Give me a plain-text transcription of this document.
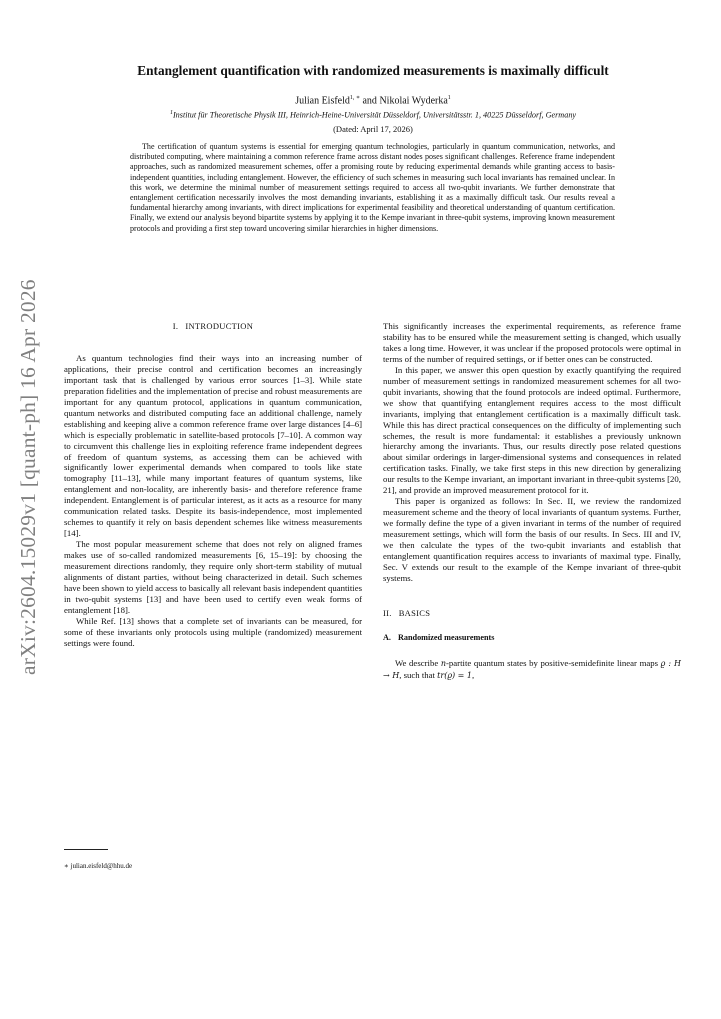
arXiv:2604.15029v1 [quant-ph] 16 Apr 2026
Entanglement quantification with randomized measurements is maximally difficult
Julian Eisfeld$^{1, ∗}$ and Nikolai Wyderka$^1$
$^1$Institut für Theoretische Physik III, Heinrich-Heine-Universität Düsseldorf, Universitätsstr. 1, 40225 Düsseldorf, Germany
(Dated: April 17, 2026)

The certification of quantum systems is essential for emerging quantum technologies, particularly in quantum communication, networks, and distributed computing, where maintaining a common reference frame across distant nodes poses significant challenges. Reference frame independent approaches, such as randomized measurement schemes, offer a promising route by reducing experimental demands while granting access to basis-independent quantities, including entanglement. However, the efficiency of such schemes in measuring such local invariants has remained unclear. In this work, we determine the minimal number of measurement settings required to access all two-qubit invariants. We further demonstrate that entanglement certification necessarily involves the most demanding invariants, establishing it as a maximally difficult task. Our results reveal a fundamental hierarchy among invariants, with direct implications for experimental feasibility and theoretical understanding of quantum certification. Finally, we extend our analysis beyond bipartite systems by applying it to the Kempe invariant in three-qubit systems, improving known measurement protocols and providing a first step toward uncovering similar hierarchies in higher dimensions.

I. INTRODUCTION

As quantum technologies find their ways into an increasing number of applications, their precise control and certification becomes an increasingly important task that is challenged by various error sources [1–3]. While state preparation fidelities and the implementation of precise and robust measurements are important for any quantum protocol, applications in quantum communication, quantum networks and distributed computing face an additional challenge, namely establishing and keeping alive a common reference frame over large distances [4–6] which is especially problematic in satellite-based protocols [7–10]. A common way to circumvent this challenge lies in exploiting reference frame independent degrees of freedom of quantum systems, as accessing them can be achieved with significantly lower experimental demands when compared to tools like state tomography [11–13], while many important features of quantum systems, like entanglement and non-locality, are inherently basis- and therefore reference frame independent. Entanglement is of particular interest, as it acts as a resource for many communication related tasks. Despite its basis-independence, most implemented schemes to quantify it rely on basis dependent schemes like witness measurements [14].

The most popular measurement scheme that does not rely on aligned frames makes use of so-called randomized measurements [6, 15–19]: by choosing the measurement directions randomly, they require only short-term stability of mutual alignments of distant parties, without being characterized in detail. Such schemes have been shown to yield access to basically all relevant basis independent quantities in two-qubit systems [13] and have been used to certify even weak forms of entanglement [18].

While Ref. [13] shows that a complete set of invariants can be measured, for some of these invariants only protocols using multiple (randomized) measurement settings were found.

∗ julian.eisfeld@hhu.de

This significantly increases the experimental requirements, as reference frame stability has to be ensured while the measurement setting is changed, which usually takes a long time. However, it was unclear if the proposed protocols were optimal in terms of the number of required settings, or if better ones can be constructed.

In this paper, we answer this open question by exactly quantifying the required number of measurement settings in randomized measurement schemes for all two-qubit invariants, showing that the found protocols are indeed optimal. Furthermore, we show that quantifying entanglement requires access to the most difficult invariants, implying that entanglement certification is a maximally difficult task. While this has direct practical consequences on the difficulty of implementing such schemes, the result is more fundamental: it establishes a previously unknown hierarchy among the invariants. Thus, our results directly pose related questions about similar orderings in larger-dimensional systems and consequences in related certification tasks. Finally, we take first steps in this new direction by generalizing our results to the Kempe invariant, an important invariant in three-qubit systems [20, 21], and provide an improved measurement protocol for it.

This paper is organized as follows: In Sec. II, we review the randomized measurement scheme and the theory of local invariants of quantum systems. Further, we formally define the type of a given invariant in terms of the number of required measurement settings, which will form the basis of our results. In Secs. III and IV, we then calculate the types of the two-qubit invariants and establish that entanglement quantification requires access to invariants of maximal type. Finally, Sec. V extends our result to the example of the Kempe invariant of three-qubit systems.

II. BASICS

A. Randomized measurements

We describe n-partite quantum states by positive-semidefinite linear maps ϱ : H → H, such that tr(ϱ) = 1,
